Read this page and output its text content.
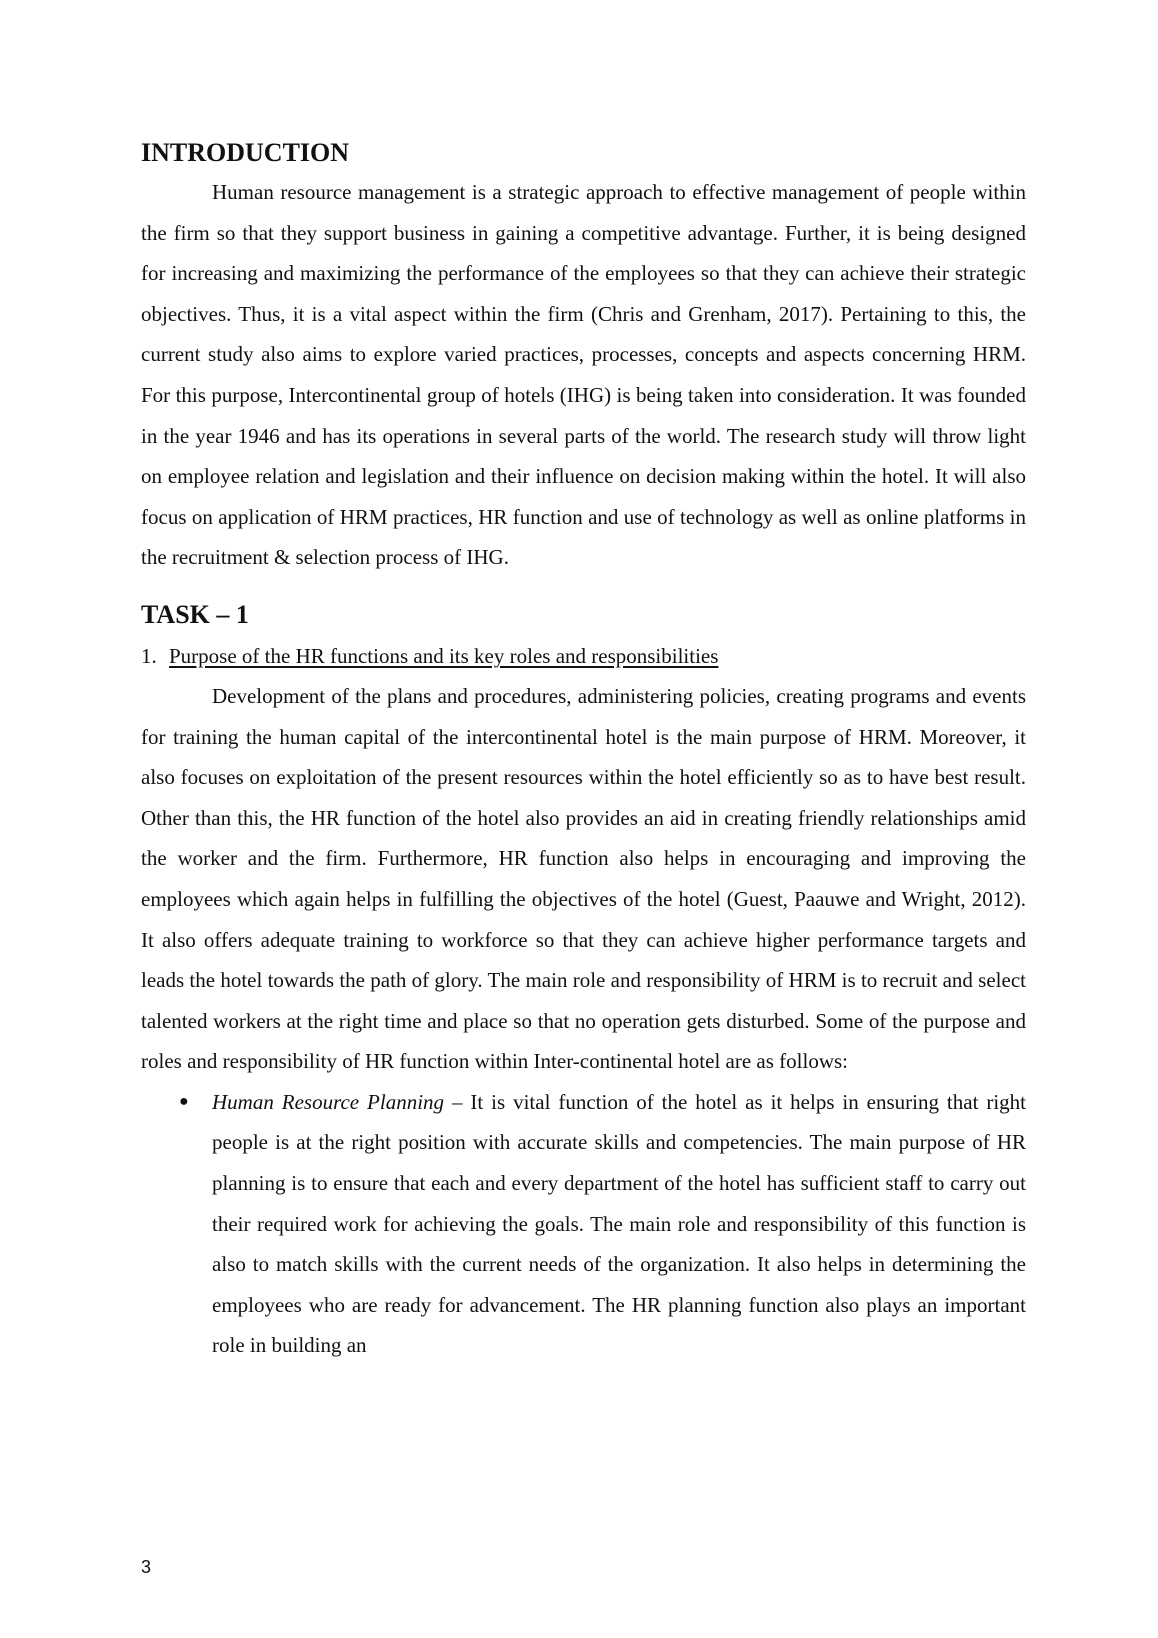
INTRODUCTION

Human resource management is a strategic approach to effective management of people within the firm so that they support business in gaining a competitive advantage. Further, it is being designed for increasing and maximizing the performance of the employees so that they can achieve their strategic objectives. Thus, it is a vital aspect within the firm (Chris and Grenham, 2017). Pertaining to this, the current study also aims to explore varied practices, processes, concepts and aspects concerning HRM. For this purpose, Intercontinental group of hotels (IHG) is being taken into consideration. It was founded in the year 1946 and has its operations in several parts of the world. The research study will throw light on employee relation and legislation and their influence on decision making within the hotel. It will also focus on application of HRM practices, HR function and use of technology as well as online platforms in the recruitment & selection process of IHG.

TASK – 1

1. Purpose of the HR functions and its key roles and responsibilities

Development of the plans and procedures, administering policies, creating programs and events for training the human capital of the intercontinental hotel is the main purpose of HRM. Moreover, it also focuses on exploitation of the present resources within the hotel efficiently so as to have best result. Other than this, the HR function of the hotel also provides an aid in creating friendly relationships amid the worker and the firm. Furthermore, HR function also helps in encouraging and improving the employees which again helps in fulfilling the objectives of the hotel (Guest, Paauwe and Wright, 2012). It also offers adequate training to workforce so that they can achieve higher performance targets and leads the hotel towards the path of glory. The main role and responsibility of HRM is to recruit and select talented workers at the right time and place so that no operation gets disturbed. Some of the purpose and roles and responsibility of HR function within Inter-continental hotel are as follows:

● Human Resource Planning – It is vital function of the hotel as it helps in ensuring that right people is at the right position with accurate skills and competencies. The main purpose of HR planning is to ensure that each and every department of the hotel has sufficient staff to carry out their required work for achieving the goals. The main role and responsibility of this function is also to match skills with the current needs of the organization. It also helps in determining the employees who are ready for advancement. The HR planning function also plays an important role in building an

3
